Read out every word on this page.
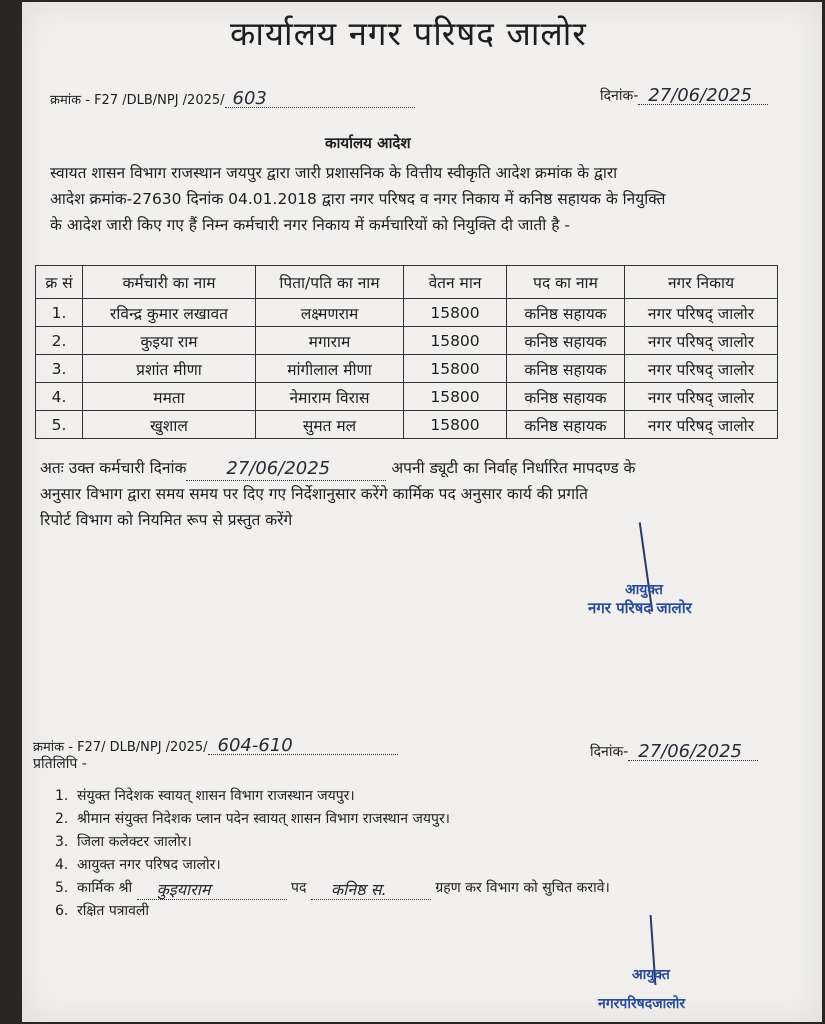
कार्यालय नगर परिषद जालोर
क्रमांक - F27 /DLB/NPJ /2025/ 603	दिनांक- 27/06/2025
कार्यालय आदेश
स्वायत शासन विभाग राजस्थान जयपुर द्वारा जारी प्रशासनिक के वित्तीय स्वीकृति आदेश क्रमांक के द्वारा
आदेश क्रमांक-27630 दिनांक 04.01.2018 द्वारा नगर परिषद व नगर निकाय में कनिष्ठ सहायक के नियुक्ति
के आदेश जारी किए गए हैं निम्न कर्मचारी नगर निकाय में कर्मचारियों को नियुक्ति दी जाती है -
क्र सं	कर्मचारी का नाम	पिता/पति का नाम	वेतन मान	पद का नाम	नगर निकाय
1.	रविन्द्र कुमार लखावत	लक्ष्मणराम	15800	कनिष्ठ सहायक	नगर परिषद् जालोर
2.	कुइया राम	मगाराम	15800	कनिष्ठ सहायक	नगर परिषद् जालोर
3.	प्रशांत मीणा	मांगीलाल मीणा	15800	कनिष्ठ सहायक	नगर परिषद् जालोर
4.	ममता	नेमाराम विरास	15800	कनिष्ठ सहायक	नगर परिषद् जालोर
5.	खुशाल	सुमत मल	15800	कनिष्ठ सहायक	नगर परिषद् जालोर
अतः उक्त कर्मचारी दिनांक 27/06/2025	अपनी ड्यूटी का निर्वाह निर्धारित मापदण्ड के
अनुसार विभाग द्वारा समय समय पर दिए गए निर्देशानुसार करेंगे कार्मिक पद अनुसार कार्य की प्रगति
रिपोर्ट विभाग को नियमित रूप से प्रस्तुत करेंगे
आयुक्त
नगर परिषद जालोर
क्रमांक - F27/ DLB/NPJ /2025/ 604-610	दिनांक- 27/06/2025
प्रतिलिपि -
1. संयुक्त निदेशक स्वायत् शासन विभाग राजस्थान जयपुर।
2. श्रीमान संयुक्त निदेशक प्लान पदेन स्वायत् शासन विभाग राजस्थान जयपुर।
3. जिला कलेक्टर जालोर।
4. आयुक्त नगर परिषद जालोर।
5. कार्मिक श्री कुइयाराम	पद कनिष्ठ स.	ग्रहण कर विभाग को सुचित करावे।
6. रक्षित पत्रावली
आयुक्त
नगरपरिषदजालोर
